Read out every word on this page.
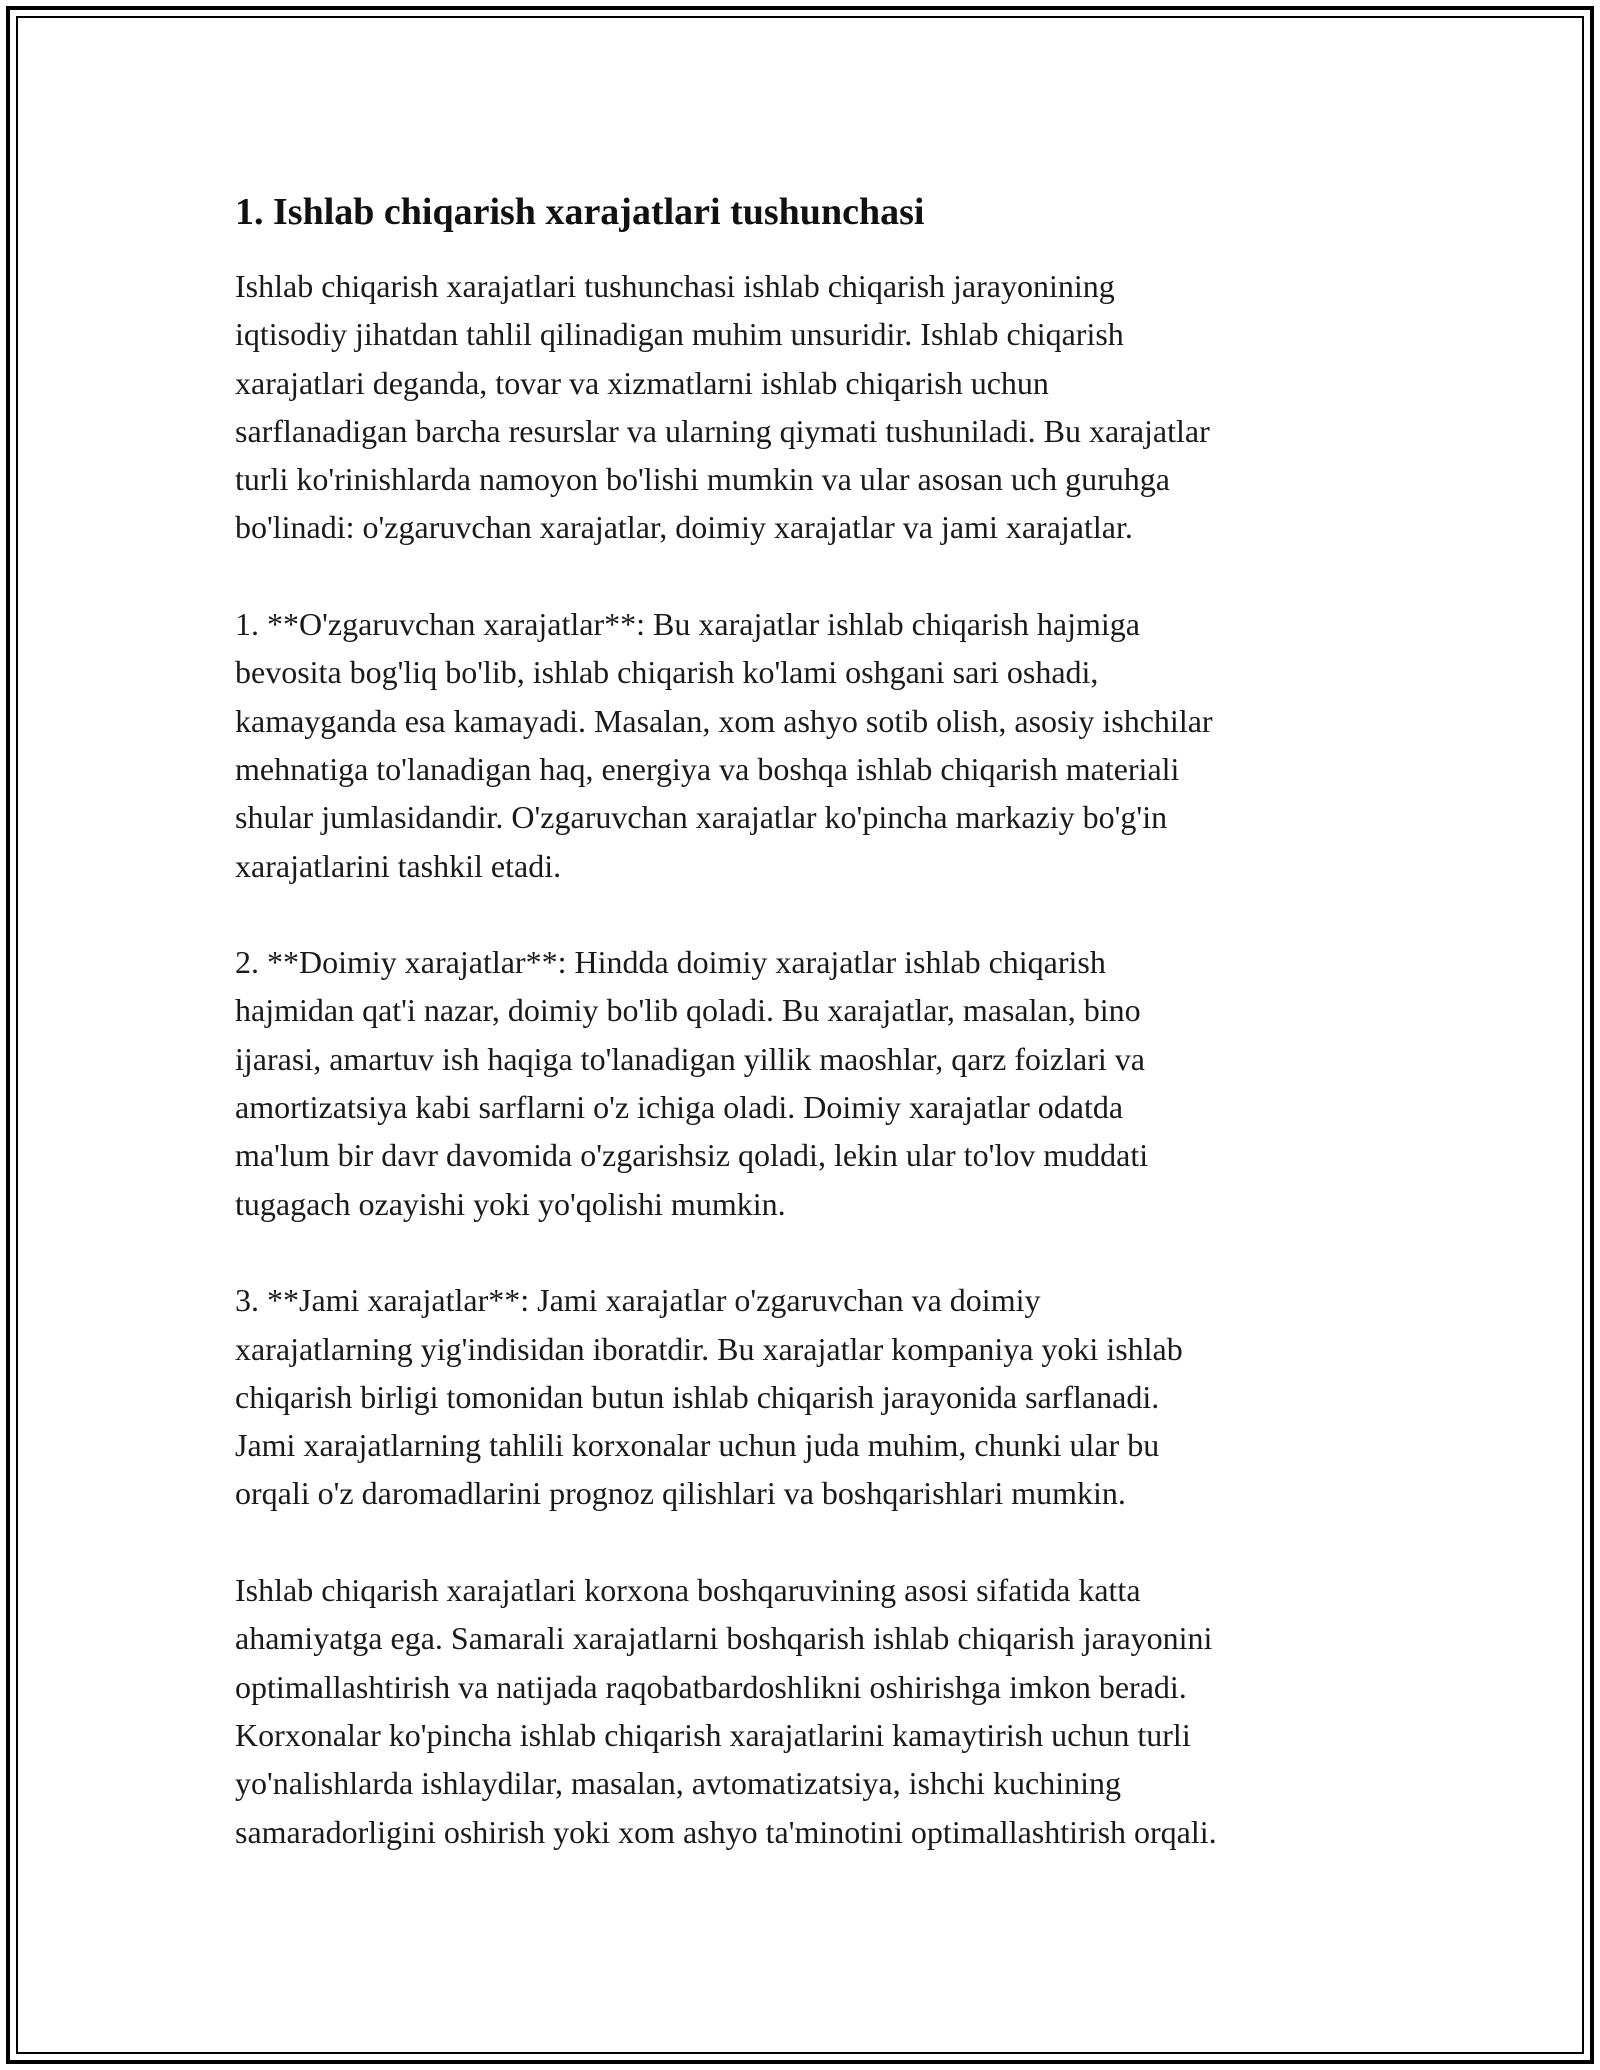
1. Ishlab chiqarish xarajatlari tushunchasi

Ishlab chiqarish xarajatlari tushunchasi ishlab chiqarish jarayonining
iqtisodiy jihatdan tahlil qilinadigan muhim unsuridir. Ishlab chiqarish
xarajatlari deganda, tovar va xizmatlarni ishlab chiqarish uchun
sarflanadigan barcha resurslar va ularning qiymati tushuniladi. Bu xarajatlar
turli ko'rinishlarda namoyon bo'lishi mumkin va ular asosan uch guruhga
bo'linadi: o'zgaruvchan xarajatlar, doimiy xarajatlar va jami xarajatlar.

1. **O'zgaruvchan xarajatlar**: Bu xarajatlar ishlab chiqarish hajmiga
bevosita bog'liq bo'lib, ishlab chiqarish ko'lami oshgani sari oshadi,
kamayganda esa kamayadi. Masalan, xom ashyo sotib olish, asosiy ishchilar
mehnatiga to'lanadigan haq, energiya va boshqa ishlab chiqarish materiali
shular jumlasidandir. O'zgaruvchan xarajatlar ko'pincha markaziy bo'g'in
xarajatlarini tashkil etadi.

2. **Doimiy xarajatlar**: Hindda doimiy xarajatlar ishlab chiqarish
hajmidan qat'i nazar, doimiy bo'lib qoladi. Bu xarajatlar, masalan, bino
ijarasi, amartuv ish haqiga to'lanadigan yillik maoshlar, qarz foizlari va
amortizatsiya kabi sarflarni o'z ichiga oladi. Doimiy xarajatlar odatda
ma'lum bir davr davomida o'zgarishsiz qoladi, lekin ular to'lov muddati
tugagach ozayishi yoki yo'qolishi mumkin.

3. **Jami xarajatlar**: Jami xarajatlar o'zgaruvchan va doimiy
xarajatlarning yig'indisidan iboratdir. Bu xarajatlar kompaniya yoki ishlab
chiqarish birligi tomonidan butun ishlab chiqarish jarayonida sarflanadi.
Jami xarajatlarning tahlili korxonalar uchun juda muhim, chunki ular bu
orqali o'z daromadlarini prognoz qilishlari va boshqarishlari mumkin.

Ishlab chiqarish xarajatlari korxona boshqaruvining asosi sifatida katta
ahamiyatga ega. Samarali xarajatlarni boshqarish ishlab chiqarish jarayonini
optimallashtirish va natijada raqobatbardoshlikni oshirishga imkon beradi.
Korxonalar ko'pincha ishlab chiqarish xarajatlarini kamaytirish uchun turli
yo'nalishlarda ishlaydilar, masalan, avtomatizatsiya, ishchi kuchining
samaradorligini oshirish yoki xom ashyo ta'minotini optimallashtirish orqali.
